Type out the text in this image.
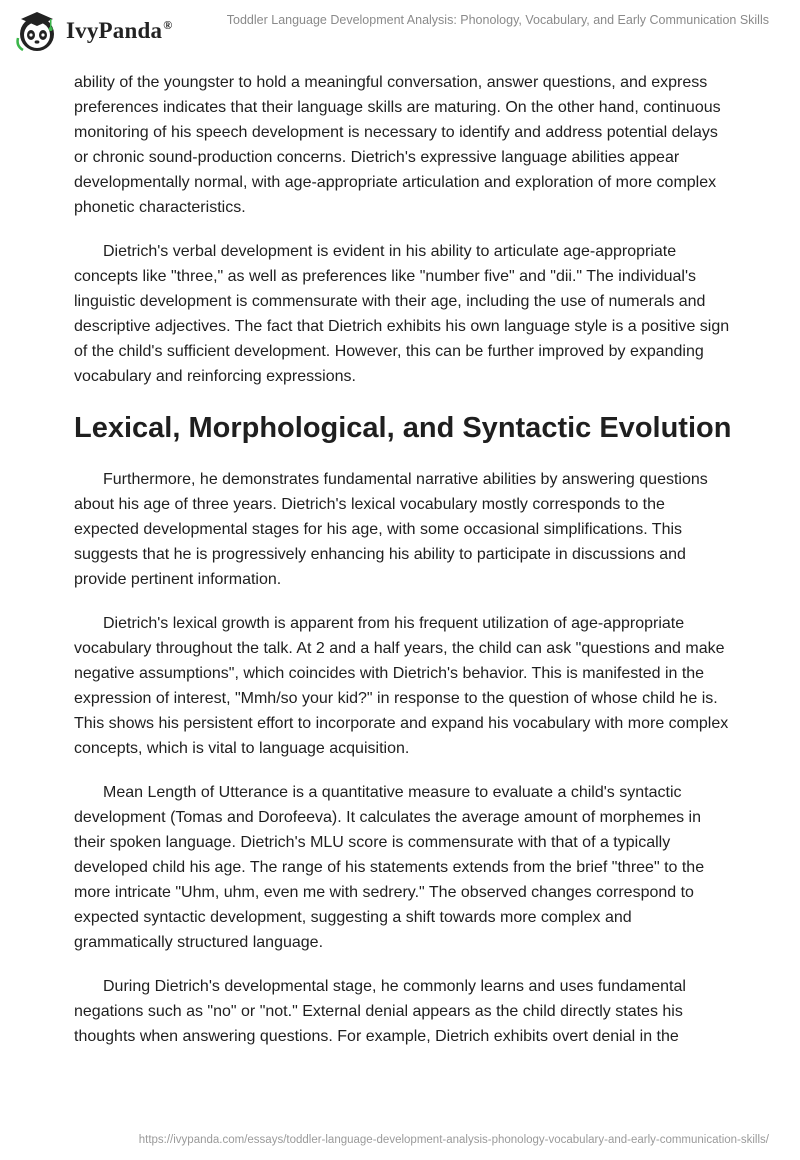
IvyPanda®	Toddler Language Development Analysis: Phonology, Vocabulary, and Early Communication Skills

ability of the youngster to hold a meaningful conversation, answer questions, and express preferences indicates that their language skills are maturing. On the other hand, continuous monitoring of his speech development is necessary to identify and address potential delays or chronic sound-production concerns. Dietrich's expressive language abilities appear developmentally normal, with age-appropriate articulation and exploration of more complex phonetic characteristics.

Dietrich's verbal development is evident in his ability to articulate age-appropriate concepts like "three," as well as preferences like "number five" and "dii." The individual's linguistic development is commensurate with their age, including the use of numerals and descriptive adjectives. The fact that Dietrich exhibits his own language style is a positive sign of the child's sufficient development. However, this can be further improved by expanding vocabulary and reinforcing expressions.

Lexical, Morphological, and Syntactic Evolution

Furthermore, he demonstrates fundamental narrative abilities by answering questions about his age of three years. Dietrich's lexical vocabulary mostly corresponds to the expected developmental stages for his age, with some occasional simplifications. This suggests that he is progressively enhancing his ability to participate in discussions and provide pertinent information.

Dietrich's lexical growth is apparent from his frequent utilization of age-appropriate vocabulary throughout the talk. At 2 and a half years, the child can ask "questions and make negative assumptions", which coincides with Dietrich's behavior. This is manifested in the expression of interest, "Mmh/so your kid?" in response to the question of whose child he is. This shows his persistent effort to incorporate and expand his vocabulary with more complex concepts, which is vital to language acquisition.

Mean Length of Utterance is a quantitative measure to evaluate a child's syntactic development (Tomas and Dorofeeva). It calculates the average amount of morphemes in their spoken language. Dietrich's MLU score is commensurate with that of a typically developed child his age. The range of his statements extends from the brief "three" to the more intricate "Uhm, uhm, even me with sedrery." The observed changes correspond to expected syntactic development, suggesting a shift towards more complex and grammatically structured language.

During Dietrich's developmental stage, he commonly learns and uses fundamental negations such as "no" or "not." External denial appears as the child directly states his thoughts when answering questions. For example, Dietrich exhibits overt denial in the

https://ivypanda.com/essays/toddler-language-development-analysis-phonology-vocabulary-and-early-communication-skills/
